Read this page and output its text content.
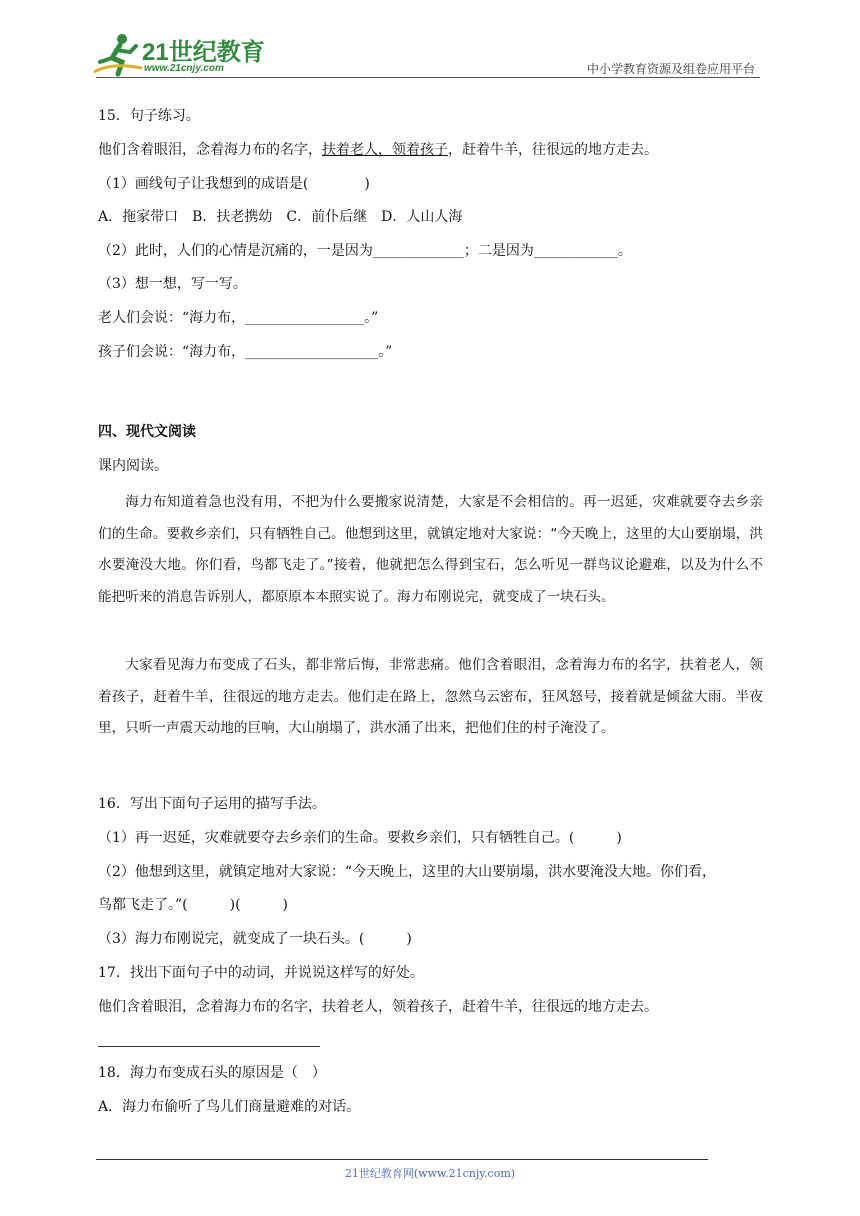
21世纪教育
www.21cnjy.com	中小学教育资源及组卷应用平台
15．句子练习。
他们含着眼泪，念着海力布的名字，扶着老人，领着孩子，赶着牛羊，往很远的地方走去。
（1）画线句子让我想到的成语是(　　　　)
A．拖家带口　B．扶老携幼　C．前仆后继　D．人山人海
（2）此时，人们的心情是沉痛的，一是因为_____________；二是因为____________。
（3）想一想，写一写。
老人们会说：“海力布，_________________。”
孩子们会说：“海力布，___________________。”
四、现代文阅读
课内阅读。
海力布知道着急也没有用，不把为什么要搬家说清楚，大家是不会相信的。再一迟延，灾难就要夺去乡亲们的生命。要救乡亲们，只有牺牲自己。他想到这里，就镇定地对大家说：“今天晚上，这里的大山要崩塌，洪水要淹没大地。你们看，鸟都飞走了。”接着，他就把怎么得到宝石，怎么听见一群鸟议论避难，以及为什么不能把听来的消息告诉别人，都原原本本照实说了。海力布刚说完，就变成了一块石头。
大家看见海力布变成了石头，都非常后悔，非常悲痛。他们含着眼泪，念着海力布的名字，扶着老人，领着孩子，赶着牛羊，往很远的地方走去。他们走在路上，忽然乌云密布，狂风怒号，接着就是倾盆大雨。半夜里，只听一声震天动地的巨响，大山崩塌了，洪水涌了出来，把他们住的村子淹没了。
16．写出下面句子运用的描写手法。
（1）再一迟延，灾难就要夺去乡亲们的生命。要救乡亲们，只有牺牲自己。(　　　)
（2）他想到这里，就镇定地对大家说：“今天晚上，这里的大山要崩塌，洪水要淹没大地。你们看，
鸟都飞走了。”(　　　)(　　　)
（3）海力布刚说完，就变成了一块石头。(　　　)
17．找出下面句子中的动词，并说说这样写的好处。
他们含着眼泪，念着海力布的名字，扶着老人，领着孩子，赶着牛羊，往很远的地方走去。
18．海力布变成石头的原因是（　）
A．海力布偷听了鸟儿们商量避难的对话。
21世纪教育网(www.21cnjy.com)
